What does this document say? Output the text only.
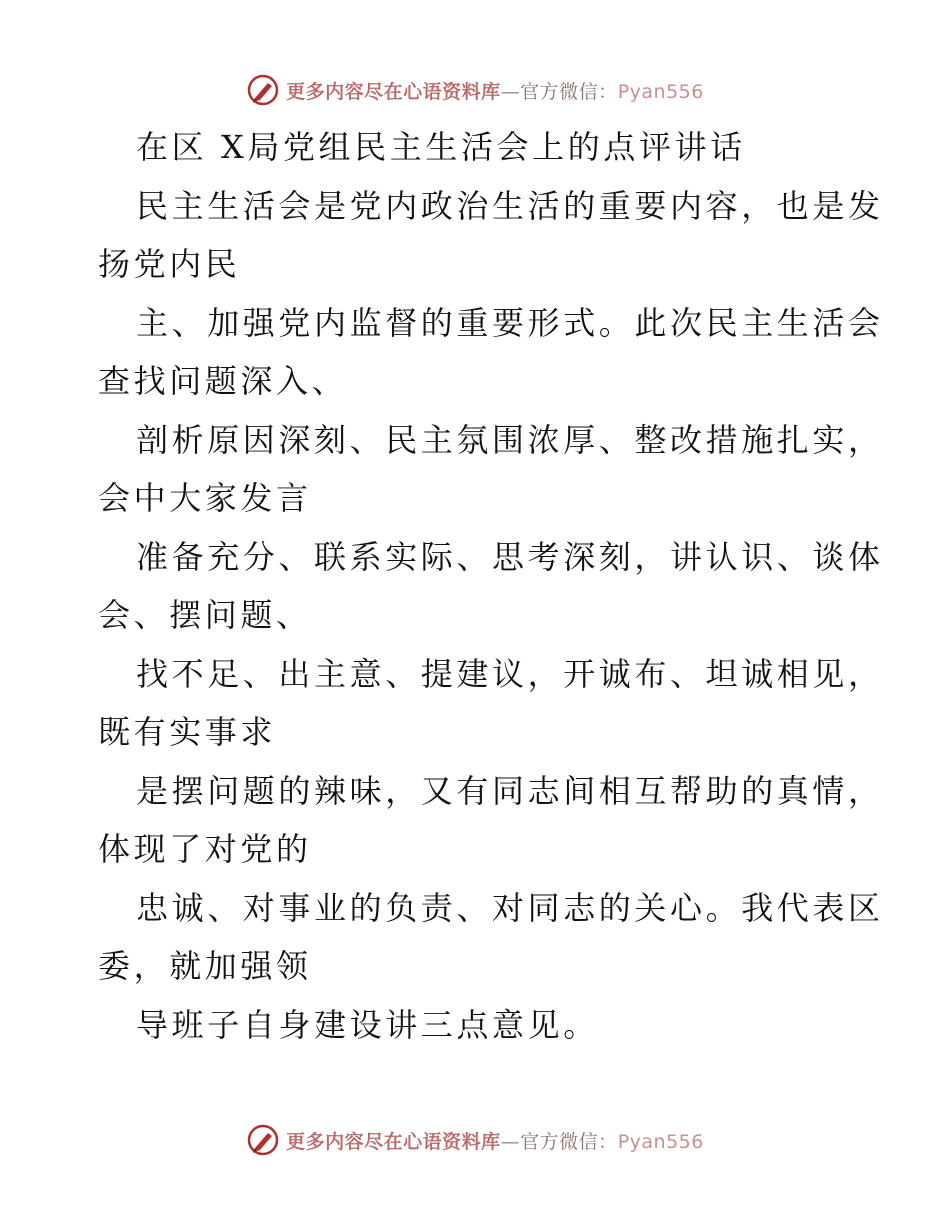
更多内容尽在心语资料库—官方微信：Pyan556
在区 X局党组民主生活会上的点评讲话
民主生活会是党内政治生活的重要内容，也是发
扬党内民
主、加强党内监督的重要形式。此次民主生活会
查找问题深入、
剖析原因深刻、民主氛围浓厚、整改措施扎实，
会中大家发言
准备充分、联系实际、思考深刻，讲认识、谈体
会、摆问题、
找不足、出主意、提建议，开诚布、坦诚相见，
既有实事求
是摆问题的辣味，又有同志间相互帮助的真情，
体现了对党的
忠诚、对事业的负责、对同志的关心。我代表区
委，就加强领
导班子自身建设讲三点意见。
更多内容尽在心语资料库—官方微信：Pyan556
